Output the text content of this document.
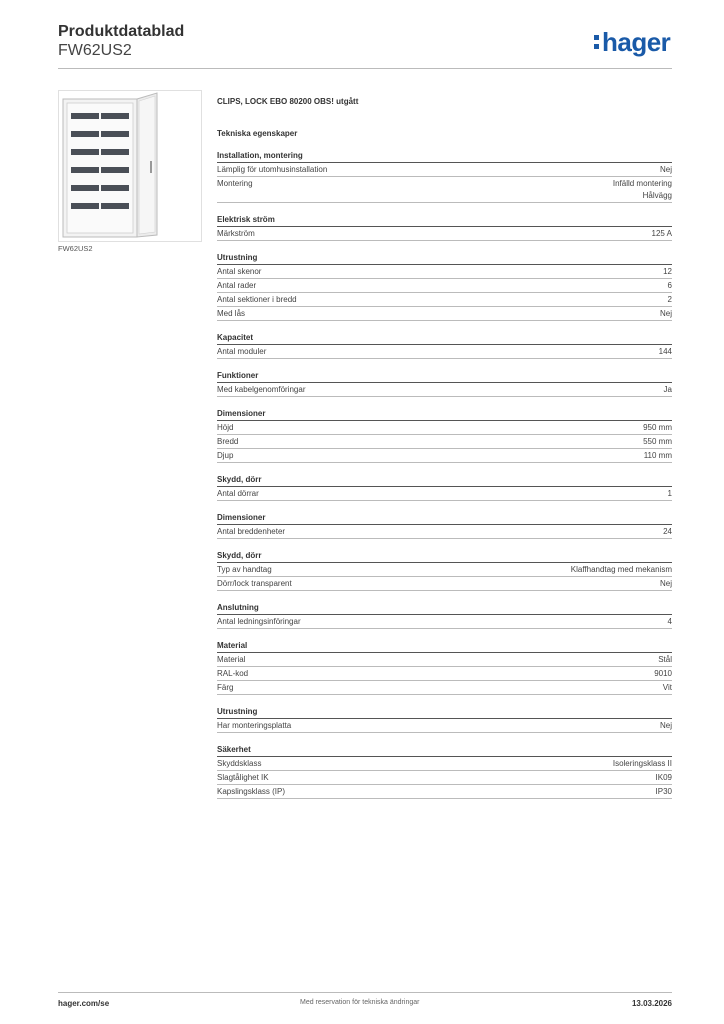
Produktdatablad
FW62US2	hager
FW62US2
CLIPS, LOCK EBO 80200 OBS! utgått
Tekniska egenskaper
Installation, montering
Lämplig för utomhusinstallation	Nej
Montering	Infälld montering
Hålvägg
Elektrisk ström
Märkström	125 A
Utrustning
Antal skenor	12
Antal rader	6
Antal sektioner i bredd	2
Med lås	Nej
Kapacitet
Antal moduler	144
Funktioner
Med kabelgenomföringar	Ja
Dimensioner
Höjd	950 mm
Bredd	550 mm
Djup	110 mm
Skydd, dörr
Antal dörrar	1
Dimensioner
Antal breddenheter	24
Skydd, dörr
Typ av handtag	Klaffhandtag med mekanism
Dörr/lock transparent	Nej
Anslutning
Antal ledningsinföringar	4
Material
Material	Stål
RAL-kod	9010
Färg	Vit
Utrustning
Har monteringsplatta	Nej
Säkerhet
Skyddsklass	Isoleringsklass II
Slagtålighet IK	IK09
Kapslingsklass (IP)	IP30
hager.com/se	Med reservation för tekniska ändringar	13.03.2026
